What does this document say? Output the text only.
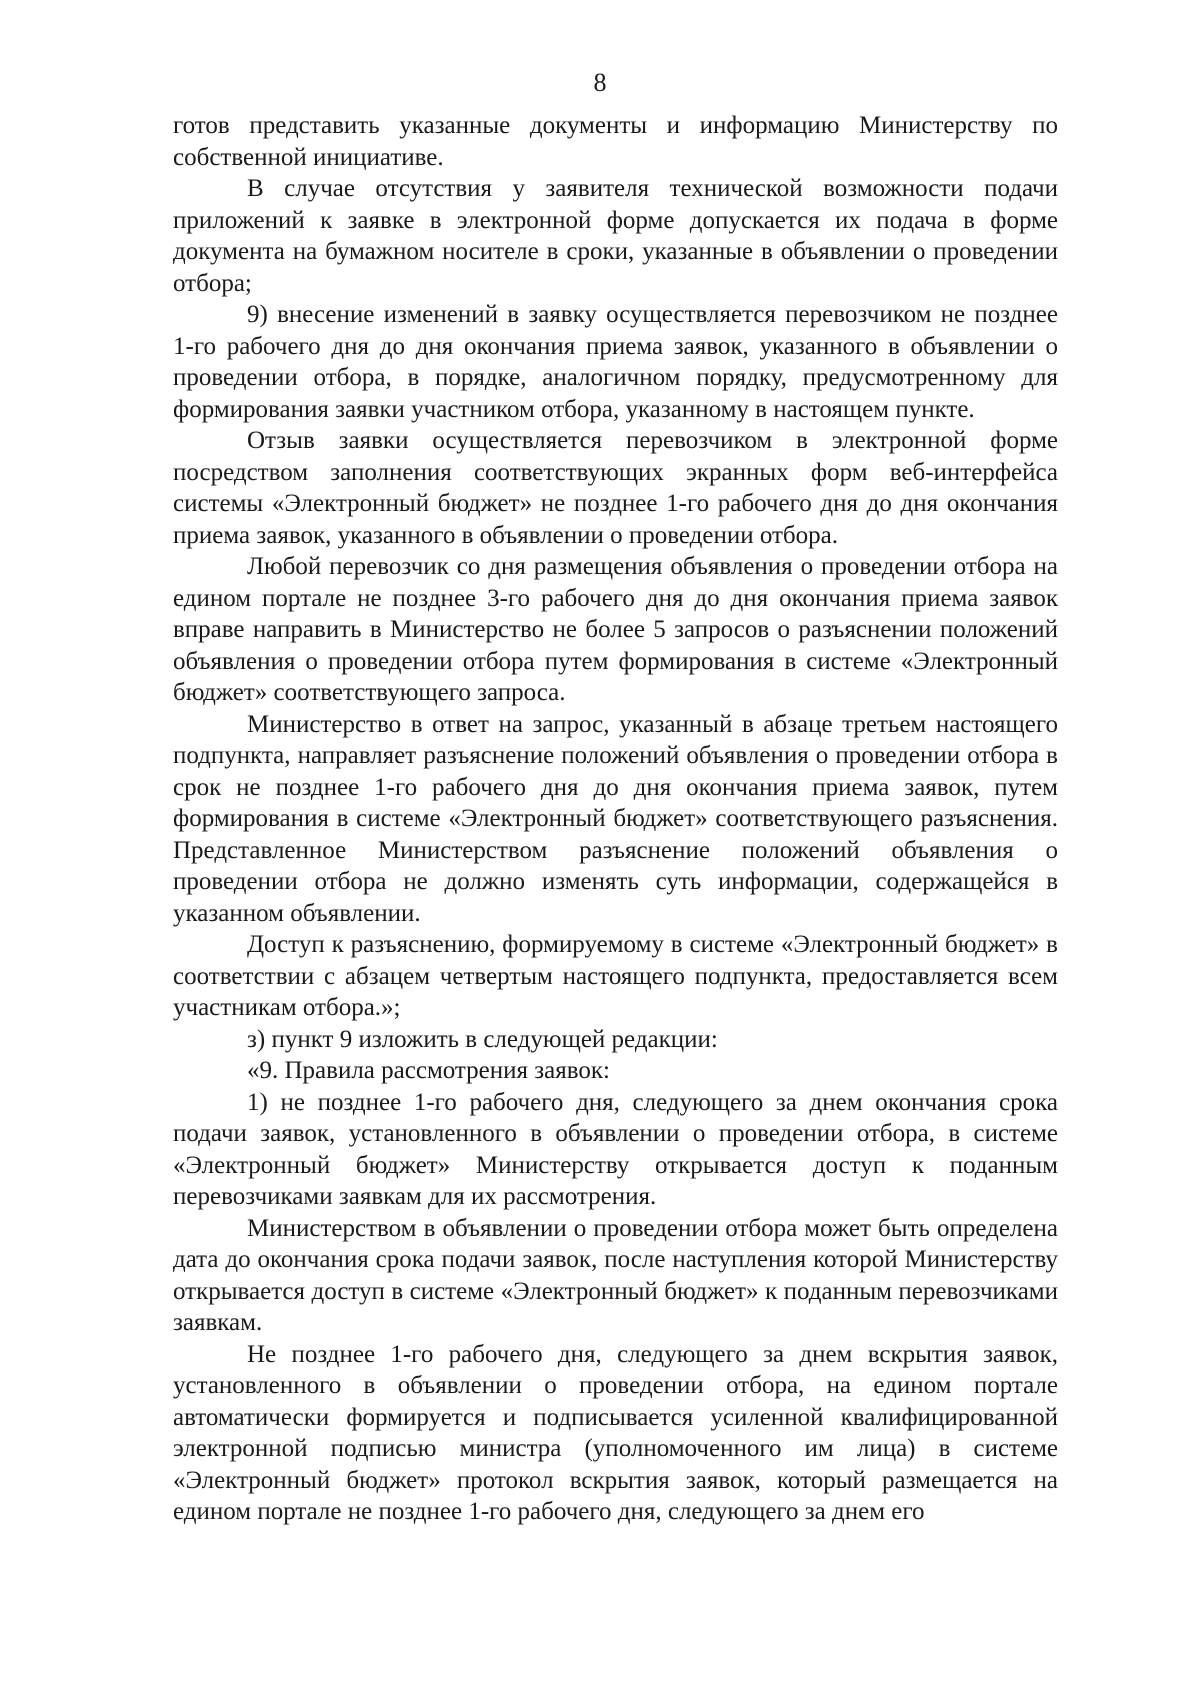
8

готов представить указанные документы и информацию Министерству по собственной инициативе.

В случае отсутствия у заявителя технической возможности подачи приложений к заявке в электронной форме допускается их подача в форме документа на бумажном носителе в сроки, указанные в объявлении о проведении отбора;

9) внесение изменений в заявку осуществляется перевозчиком не позднее 1-го рабочего дня до дня окончания приема заявок, указанного в объявлении о проведении отбора, в порядке, аналогичном порядку, предусмотренному для формирования заявки участником отбора, указанному в настоящем пункте.

Отзыв заявки осуществляется перевозчиком в электронной форме посредством заполнения соответствующих экранных форм веб-интерфейса системы «Электронный бюджет» не позднее 1-го рабочего дня до дня окончания приема заявок, указанного в объявлении о проведении отбора.

Любой перевозчик со дня размещения объявления о проведении отбора на едином портале не позднее 3-го рабочего дня до дня окончания приема заявок вправе направить в Министерство не более 5 запросов о разъяснении положений объявления о проведении отбора путем формирования в системе «Электронный бюджет» соответствующего запроса.

Министерство в ответ на запрос, указанный в абзаце третьем настоящего подпункта, направляет разъяснение положений объявления о проведении отбора в срок не позднее 1-го рабочего дня до дня окончания приема заявок, путем формирования в системе «Электронный бюджет» соответствующего разъяснения. Представленное Министерством разъяснение положений объявления о проведении отбора не должно изменять суть информации, содержащейся в указанном объявлении.

Доступ к разъяснению, формируемому в системе «Электронный бюджет» в соответствии с абзацем четвертым настоящего подпункта, предоставляется всем участникам отбора.»;

з) пункт 9 изложить в следующей редакции:

«9. Правила рассмотрения заявок:

1) не позднее 1-го рабочего дня, следующего за днем окончания срока подачи заявок, установленного в объявлении о проведении отбора, в системе «Электронный бюджет» Министерству открывается доступ к поданным перевозчиками заявкам для их рассмотрения.

Министерством в объявлении о проведении отбора может быть определена дата до окончания срока подачи заявок, после наступления которой Министерству открывается доступ в системе «Электронный бюджет» к поданным перевозчиками заявкам.

Не позднее 1-го рабочего дня, следующего за днем вскрытия заявок, установленного в объявлении о проведении отбора, на едином портале автоматически формируется и подписывается усиленной квалифицированной электронной подписью министра (уполномоченного им лица) в системе «Электронный бюджет» протокол вскрытия заявок, который размещается на едином портале не позднее 1-го рабочего дня, следующего за днем его
